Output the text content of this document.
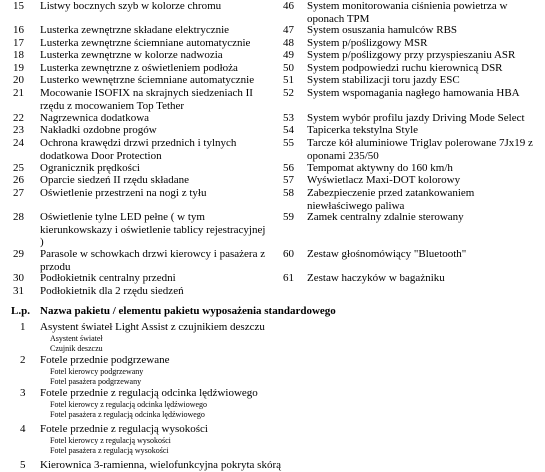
15	Listwy bocznych szyb w kolorze chromu
16	Lusterka zewnętrzne składane elektrycznie
17	Lusterka zewnętrzne ściemniane automatycznie
18	Lusterka zewnętrzne w kolorze nadwozia
19	Lusterka zewnętrzne z oświetleniem podłoża
20	Lusterko wewnętrzne ściemniane automatycznie
21	Mocowanie ISOFIX na skrajnych siedzeniach II
rzędu z mocowaniem Top Tether
22	Nagrzewnica dodatkowa
23	Nakładki ozdobne progów
24	Ochrona krawędzi drzwi przednich i tylnych
dodatkowa Door Protection
25	Ogranicznik prędkości
26	Oparcie siedzeń II rzędu składane
27	Oświetlenie przestrzeni na nogi z tyłu
28	Oświetlenie tylne LED pełne ( w tym
kierunkowskazy i oświetlenie tablicy rejestracyjnej
)
29	Parasole w schowkach drzwi kierowcy i pasażera z
przodu
30	Podłokietnik centralny przedni
31	Podłokietnik dla 2 rzędu siedzeń
46	System monitorowania ciśnienia powietrza w
oponach TPM
47	System osuszania hamulców RBS
48	System p/poślizgowy MSR
49	System p/poślizgowy przy przyspieszaniu ASR
50	System podpowiedzi ruchu kierownicą DSR
51	System stabilizacji toru jazdy ESC
52	System wspomagania nagłego hamowania HBA
53	System wybór profilu jazdy Driving Mode Select
54	Tapicerka tekstylna Style
55	Tarcze kół aluminiowe Triglav polerowane 7Jx19 z
oponami 235/50
56	Tempomat aktywny do 160 km/h
57	Wyświetlacz Maxi-DOT kolorowy
58	Zabezpieczenie przed zatankowaniem
niewłaściwego paliwa
59	Zamek centralny zdalnie sterowany
60	Zestaw głośnomówiący "Bluetooth"
61	Zestaw haczyków w bagażniku
L.p. Nazwa pakietu / elementu pakietu wyposażenia standardowego
1 Asystent świateł Light Assist z czujnikiem deszczu
Asystent świateł
Czujnik deszczu
2 Fotele przednie podgrzewane
Fotel kierowcy podgrzewany
Fotel pasażera podgrzewany
3 Fotele przednie z regulacją odcinka lędźwiowego
Fotel kierowcy z regulacją odcinka lędźwiowego
Fotel pasażera z regulacją odcinka lędźwiowego
4 Fotele przednie z regulacją wysokości
Fotel kierowcy z regulacją wysokości
Fotel pasażera z regulacją wysokości
5 Kierownica 3-ramienna, wielofunkcyjna pokryta skórą
